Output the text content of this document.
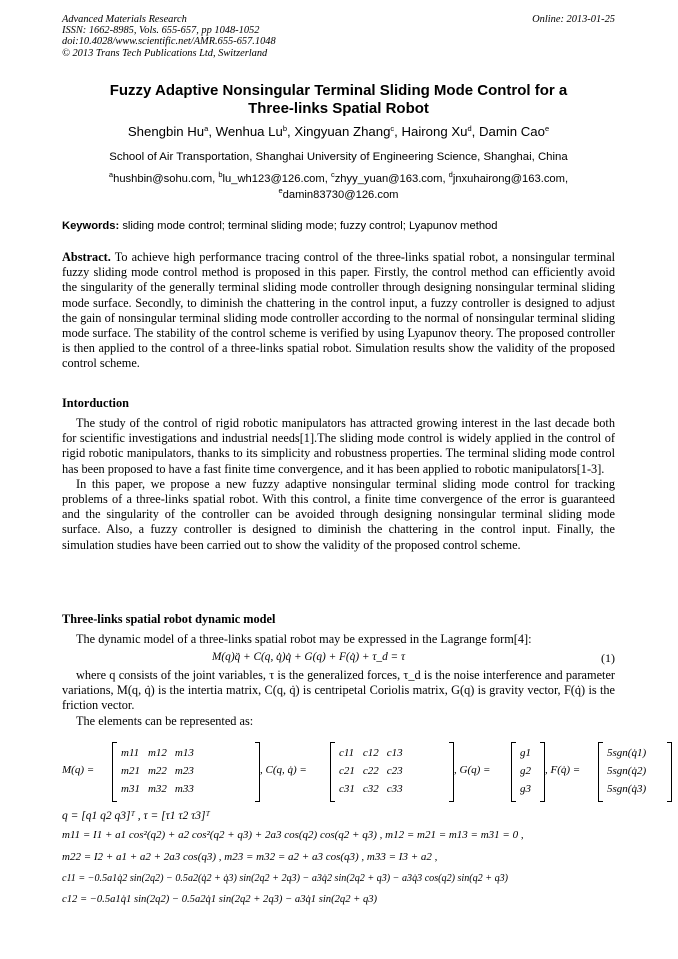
Advanced Materials Research
ISSN: 1662-8985, Vols. 655-657, pp 1048-1052
doi:10.4028/www.scientific.net/AMR.655-657.1048
© 2013 Trans Tech Publications Ltd, Switzerland
Online: 2013-01-25
Fuzzy Adaptive Nonsingular Terminal Sliding Mode Control for a
Three-links Spatial Robot
Shengbin Hu$^a$, Wenhua Lu$^b$, Xingyuan Zhang$^c$, Hairong Xu$^d$, Damin Cao$^e$
School of Air Transportation, Shanghai University of Engineering Science, Shanghai, China
$^a$hushbin@sohu.com, $^b$lu_wh123@126.com, $^c$zhyy_yuan@163.com, $^d$jnxuhairong@163.com,
$^e$damin83730@126.com
Keywords: sliding mode control; terminal sliding mode; fuzzy control; Lyapunov method
Abstract. To achieve high performance tracing control of the three-links spatial robot, a nonsingular terminal fuzzy sliding mode control method is proposed in this paper. Firstly, the control method can efficiently avoid the singularity of the generally terminal sliding mode controller through designing nonsingular terminal sliding mode surface. Secondly, to diminish the chattering in the control input, a fuzzy controller is designed to adjust the gain of nonsingular terminal sliding mode controller according to the normal of nonsingular terminal sliding mode surface. The stability of the control scheme is verified by using Lyapunov theory. The proposed controller is then applied to the control of a three-links spatial robot. Simulation results show the validity of the proposed control scheme.
Intorduction

The study of the control of rigid robotic manipulators has attracted growing interest in the last decade both for scientific investigations and industrial needs[1].The sliding mode control is widely applied in the control of rigid robotic manipulators, thanks to its simplicity and robustness properties. The terminal sliding mode control has been proposed to have a fast finite time convergence, and it has been applied to robotic manipulators[1-3].

In this paper, we propose a new fuzzy adaptive nonsingular terminal sliding mode control for tracking problems of a three-links spatial robot. With this control, a finite time convergence of the error is guaranteed and the singularity of the controller can be avoided through designing nonsingular terminal sliding mode surface. Also, a fuzzy controller is designed to diminish the chattering in the control input. Finally, the simulation studies have been carried out to show the validity of the proposed control scheme.

Three-links spatial robot dynamic model

The dynamic model of a three-links spatial robot may be expressed in the Lagrange form[4]:

M(q)q̈ + C(q, q̇)q̇ + G(q) + F(q̇) + τ_d = τ	(1)

where q consists of the joint variables, τ is the generalized forces, τ_d is the noise interference and parameter variations, M(q, q̇) is the intertia matrix, C(q, q̇) is centripetal Coriolis matrix, G(q) is gravity vector, F(q̇) is the friction vector.

The elements can be represented as:

M(q) =
m11	m12	m13
m21	m22	m23
m31	m32	m33
, C(q, q̇) =
c11	c12	c13
c21	c22	c23
c31	c32	c33
, G(q) =
g1
g2
g3
, F(q̇) =
5sgn(q̇1)
5sgn(q̇2)
5sgn(q̇3)
q = [q1 q2 q3]ᵀ , τ = [τ1 τ2 τ3]ᵀ
m11 = I1 + a1 cos²(q2) + a2 cos²(q2 + q3) + 2a3 cos(q2) cos(q2 + q3) , m12 = m21 = m13 = m31 = 0 ,
m22 = I2 + a1 + a2 + 2a3 cos(q3) , m23 = m32 = a2 + a3 cos(q3) , m33 = I3 + a2 ,
c11 = −0.5a1q̇2 sin(2q2) − 0.5a2(q̇2 + q̇3) sin(2q2 + 2q3) − a3q̇2 sin(2q2 + q3) − a3q̇3 cos(q2) sin(q2 + q3)
c12 = −0.5a1q̇1 sin(2q2) − 0.5a2q̇1 sin(2q2 + 2q3) − a3q̇1 sin(2q2 + q3)
